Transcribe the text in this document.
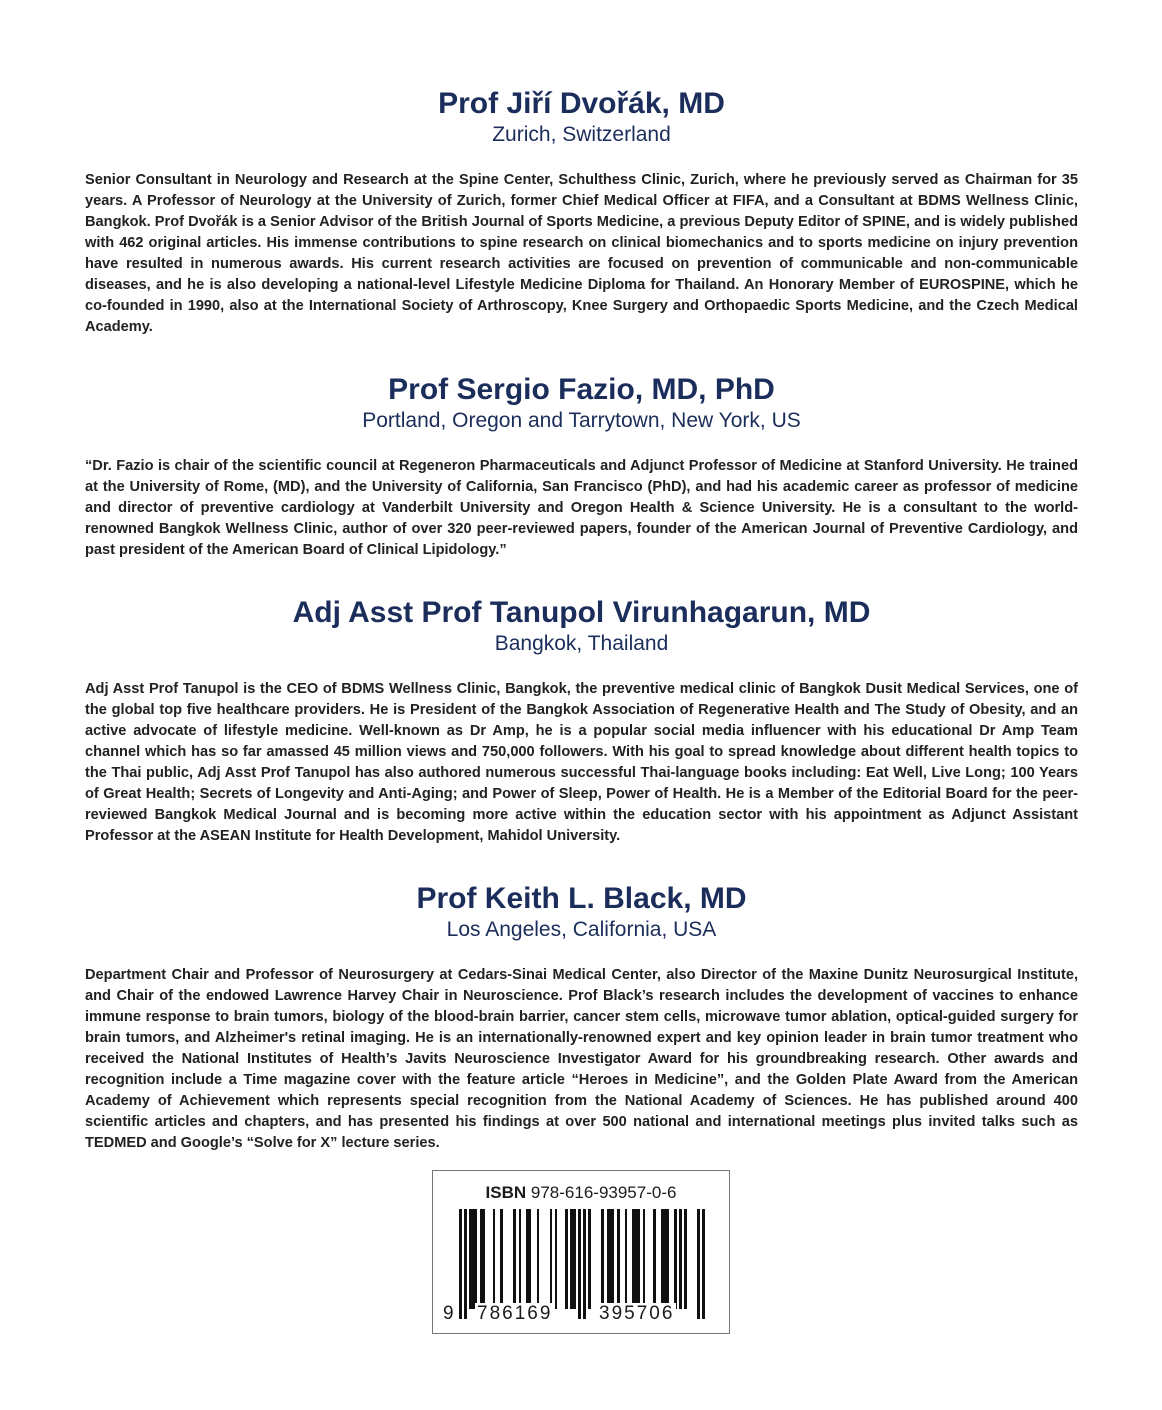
Prof Jiří Dvořák, MD

Zurich, Switzerland

Senior Consultant in Neurology and Research at the Spine Center, Schulthess Clinic, Zurich, where he previously served as Chairman for 35 years. A Professor of Neurology at the University of Zurich, former Chief Medical Officer at FIFA, and a Consultant at BDMS Wellness Clinic, Bangkok. Prof Dvořák is a Senior Advisor of the British Journal of Sports Medicine, a previous Deputy Editor of SPINE, and is widely published with 462 original articles. His immense contributions to spine research on clinical biomechanics and to sports medicine on injury prevention have resulted in numerous awards. His current research activities are focused on prevention of communicable and non-communicable diseases, and he is also developing a national-level Lifestyle Medicine Diploma for Thailand. An Honorary Member of EUROSPINE, which he co-founded in 1990, also at the International Society of Arthroscopy, Knee Surgery and Orthopaedic Sports Medicine, and the Czech Medical Academy.

Prof Sergio Fazio, MD, PhD

Portland, Oregon and Tarrytown, New York, US

“Dr. Fazio is chair of the scientific council at Regeneron Pharmaceuticals and Adjunct Professor of Medicine at Stanford University. He trained at the University of Rome, (MD), and the University of California, San Francisco (PhD), and had his academic career as professor of medicine and director of preventive cardiology at Vanderbilt University and Oregon Health & Science University. He is a consultant to the world-renowned Bangkok Wellness Clinic, author of over 320 peer-reviewed papers, founder of the American Journal of Preventive Cardiology, and past president of the American Board of Clinical Lipidology.”

Adj Asst Prof Tanupol Virunhagarun, MD

Bangkok, Thailand

Adj Asst Prof Tanupol is the CEO of BDMS Wellness Clinic, Bangkok, the preventive medical clinic of Bangkok Dusit Medical Services, one of the global top five healthcare providers. He is President of the Bangkok Association of Regenerative Health and The Study of Obesity, and an active advocate of lifestyle medicine. Well-known as Dr Amp, he is a popular social media influencer with his educational Dr Amp Team channel which has so far amassed 45 million views and 750,000 followers. With his goal to spread knowledge about different health topics to the Thai public, Adj Asst Prof Tanupol has also authored numerous successful Thai-language books including: Eat Well, Live Long; 100 Years of Great Health; Secrets of Longevity and Anti-Aging; and Power of Sleep, Power of Health. He is a Member of the Editorial Board for the peer-reviewed Bangkok Medical Journal and is becoming more active within the education sector with his appointment as Adjunct Assistant Professor at the ASEAN Institute for Health Development, Mahidol University.

Prof Keith L. Black, MD

Los Angeles, California, USA

Department Chair and Professor of Neurosurgery at Cedars-Sinai Medical Center, also Director of the Maxine Dunitz Neurosurgical Institute, and Chair of the endowed Lawrence Harvey Chair in Neuroscience. Prof Black’s research includes the development of vaccines to enhance immune response to brain tumors, biology of the blood-brain barrier, cancer stem cells, microwave tumor ablation, optical-guided surgery for brain tumors, and Alzheimer's retinal imaging. He is an internationally-renowned expert and key opinion leader in brain tumor treatment who received the National Institutes of Health’s Javits Neuroscience Investigator Award for his groundbreaking research. Other awards and recognition include a Time magazine cover with the feature article “Heroes in Medicine”, and the Golden Plate Award from the American Academy of Achievement which represents special recognition from the National Academy of Sciences. He has published around 400 scientific articles and chapters, and has presented his findings at over 500 national and international meetings plus invited talks such as TEDMED and Google’s “Solve for X” lecture series.

ISBN 978-616-93957-0-6
9 786169 395706
